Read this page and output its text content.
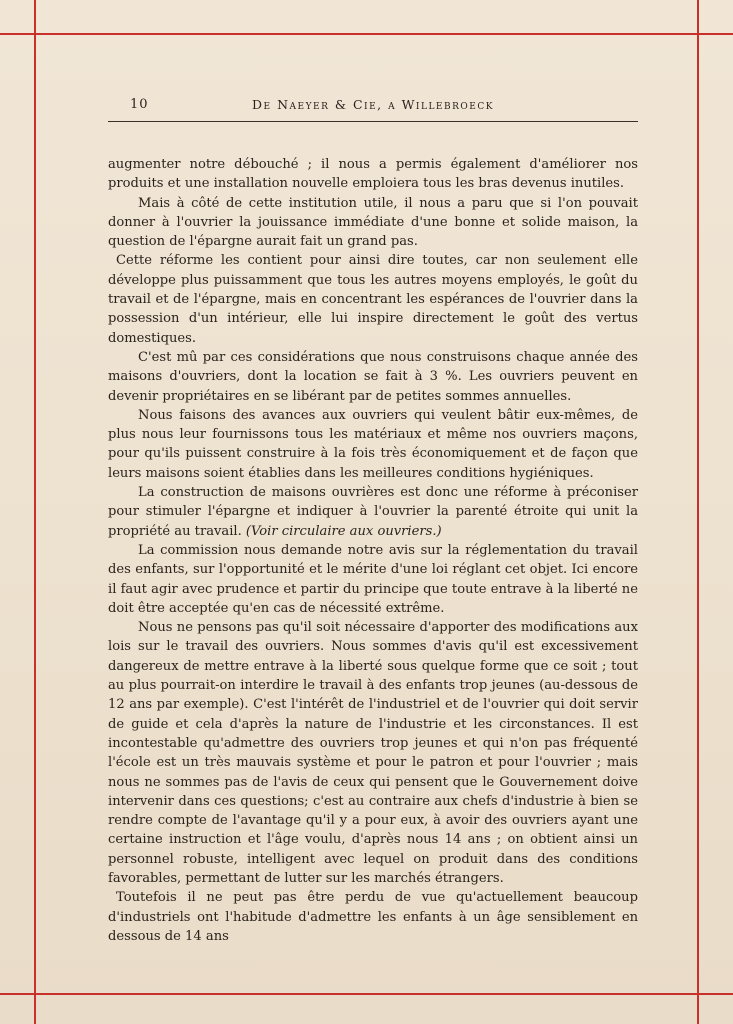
10	De Naeyer & Cie, a Willebroeck

augmenter notre débouché ; il nous a permis également d'améliorer nos produits et une installation nouvelle emploiera tous les bras devenus inutiles.

Mais à côté de cette institution utile, il nous a paru que si l'on pouvait donner à l'ouvrier la jouissance immédiate d'une bonne et solide maison, la question de l'épargne aurait fait un grand pas.

Cette réforme les contient pour ainsi dire toutes, car non seulement elle développe plus puissamment que tous les autres moyens employés, le goût du travail et de l'épargne, mais en concentrant les espérances de l'ouvrier dans la possession d'un intérieur, elle lui inspire directement le goût des vertus domestiques.

C'est mû par ces considérations que nous construisons chaque année des maisons d'ouvriers, dont la location se fait à 3 %. Les ouvriers peuvent en devenir propriétaires en se libérant par de petites sommes annuelles.

Nous faisons des avances aux ouvriers qui veulent bâtir eux-mêmes, de plus nous leur fournissons tous les matériaux et même nos ouvriers maçons, pour qu'ils puissent construire à la fois très économiquement et de façon que leurs maisons soient établies dans les meilleures conditions hygiéniques.

La construction de maisons ouvrières est donc une réforme à préconiser pour stimuler l'épargne et indiquer à l'ouvrier la parenté étroite qui unit la propriété au travail. (Voir circulaire aux ouvriers.)

La commission nous demande notre avis sur la réglementation du travail des enfants, sur l'opportunité et le mérite d'une loi réglant cet objet. Ici encore il faut agir avec prudence et partir du principe que toute entrave à la liberté ne doit être acceptée qu'en cas de nécessité extrême.

Nous ne pensons pas qu'il soit nécessaire d'apporter des modifications aux lois sur le travail des ouvriers. Nous sommes d'avis qu'il est excessivement dangereux de mettre entrave à la liberté sous quelque forme que ce soit ; tout au plus pourrait-on interdire le travail à des enfants trop jeunes (au-dessous de 12 ans par exemple). C'est l'intérêt de l'industriel et de l'ouvrier qui doit servir de guide et cela d'après la nature de l'industrie et les circonstances. Il est incontestable qu'admettre des ouvriers trop jeunes et qui n'on pas fréquenté l'école est un très mauvais système et pour le patron et pour l'ouvrier ; mais nous ne sommes pas de l'avis de ceux qui pensent que le Gouvernement doive intervenir dans ces questions; c'est au contraire aux chefs d'industrie à bien se rendre compte de l'avantage qu'il y a pour eux, à avoir des ouvriers ayant une certaine instruction et l'âge voulu, d'après nous 14 ans ; on obtient ainsi un personnel robuste, intelligent avec lequel on produit dans des conditions favorables, permettant de lutter sur les marchés étrangers.

Toutefois il ne peut pas être perdu de vue qu'actuellement beaucoup d'industriels ont l'habitude d'admettre les enfants à un âge sensiblement en dessous de 14 ans
